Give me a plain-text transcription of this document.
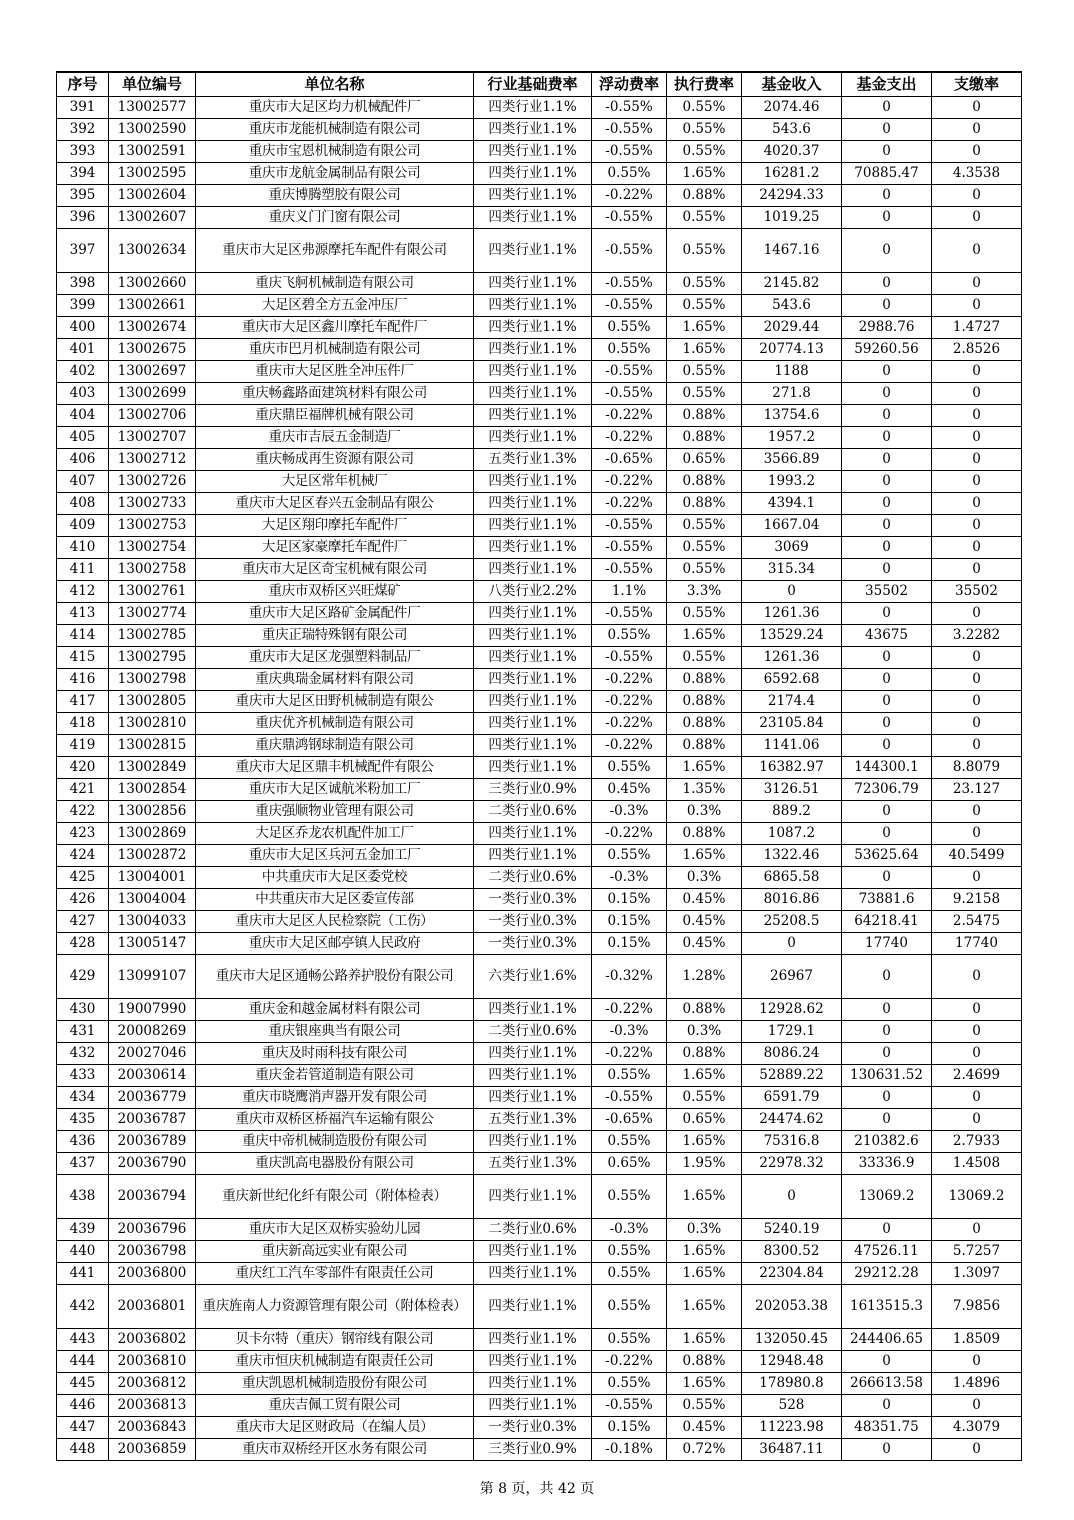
序号	单位编号	单位名称	行业基础费率	浮动费率	执行费率	基金收入	基金支出	支缴率
391	13002577	重庆市大足区均力机械配件厂	四类行业1.1%	-0.55%	0.55%	2074.46	0	0
392	13002590	重庆市龙能机械制造有限公司	四类行业1.1%	-0.55%	0.55%	543.6	0	0
393	13002591	重庆市宝恩机械制造有限公司	四类行业1.1%	-0.55%	0.55%	4020.37	0	0
394	13002595	重庆市龙航金属制品有限公司	四类行业1.1%	0.55%	1.65%	16281.2	70885.47	4.3538
395	13002604	重庆博腾塑胶有限公司	四类行业1.1%	-0.22%	0.88%	24294.33	0	0
396	13002607	重庆义门门窗有限公司	四类行业1.1%	-0.55%	0.55%	1019.25	0	0
397	13002634	重庆市大足区弗源摩托车配件有限公司	四类行业1.1%	-0.55%	0.55%	1467.16	0	0
398	13002660	重庆飞舸机械制造有限公司	四类行业1.1%	-0.55%	0.55%	2145.82	0	0
399	13002661	大足区碧全方五金冲压厂	四类行业1.1%	-0.55%	0.55%	543.6	0	0
400	13002674	重庆市大足区鑫川摩托车配件厂	四类行业1.1%	0.55%	1.65%	2029.44	2988.76	1.4727
401	13002675	重庆市巴月机械制造有限公司	四类行业1.1%	0.55%	1.65%	20774.13	59260.56	2.8526
402	13002697	重庆市大足区胜全冲压件厂	四类行业1.1%	-0.55%	0.55%	1188	0	0
403	13002699	重庆畅鑫路面建筑材料有限公司	四类行业1.1%	-0.55%	0.55%	271.8	0	0
404	13002706	重庆鼎臣福牌机械有限公司	四类行业1.1%	-0.22%	0.88%	13754.6	0	0
405	13002707	重庆市吉辰五金制造厂	四类行业1.1%	-0.22%	0.88%	1957.2	0	0
406	13002712	重庆畅成再生资源有限公司	五类行业1.3%	-0.65%	0.65%	3566.89	0	0
407	13002726	大足区常年机械厂	四类行业1.1%	-0.22%	0.88%	1993.2	0	0
408	13002733	重庆市大足区春兴五金制品有限公	四类行业1.1%	-0.22%	0.88%	4394.1	0	0
409	13002753	大足区翔印摩托车配件厂	四类行业1.1%	-0.55%	0.55%	1667.04	0	0
410	13002754	大足区家豪摩托车配件厂	四类行业1.1%	-0.55%	0.55%	3069	0	0
411	13002758	重庆市大足区奇宝机械有限公司	四类行业1.1%	-0.55%	0.55%	315.34	0	0
412	13002761	重庆市双桥区兴旺煤矿	八类行业2.2%	1.1%	3.3%	0	35502	35502
413	13002774	重庆市大足区路矿金属配件厂	四类行业1.1%	-0.55%	0.55%	1261.36	0	0
414	13002785	重庆正瑞特殊钢有限公司	四类行业1.1%	0.55%	1.65%	13529.24	43675	3.2282
415	13002795	重庆市大足区龙强塑料制品厂	四类行业1.1%	-0.55%	0.55%	1261.36	0	0
416	13002798	重庆典瑞金属材料有限公司	四类行业1.1%	-0.22%	0.88%	6592.68	0	0
417	13002805	重庆市大足区田野机械制造有限公	四类行业1.1%	-0.22%	0.88%	2174.4	0	0
418	13002810	重庆优齐机械制造有限公司	四类行业1.1%	-0.22%	0.88%	23105.84	0	0
419	13002815	重庆鼎鸿钢球制造有限公司	四类行业1.1%	-0.22%	0.88%	1141.06	0	0
420	13002849	重庆市大足区鼎丰机械配件有限公	四类行业1.1%	0.55%	1.65%	16382.97	144300.1	8.8079
421	13002854	重庆市大足区诚航米粉加工厂	三类行业0.9%	0.45%	1.35%	3126.51	72306.79	23.127
422	13002856	重庆强顺物业管理有限公司	二类行业0.6%	-0.3%	0.3%	889.2	0	0
423	13002869	大足区乔龙农机配件加工厂	四类行业1.1%	-0.22%	0.88%	1087.2	0	0
424	13002872	重庆市大足区兵河五金加工厂	四类行业1.1%	0.55%	1.65%	1322.46	53625.64	40.5499
425	13004001	中共重庆市大足区委党校	二类行业0.6%	-0.3%	0.3%	6865.58	0	0
426	13004004	中共重庆市大足区委宣传部	一类行业0.3%	0.15%	0.45%	8016.86	73881.6	9.2158
427	13004033	重庆市大足区人民检察院（工伤）	一类行业0.3%	0.15%	0.45%	25208.5	64218.41	2.5475
428	13005147	重庆市大足区邮亭镇人民政府	一类行业0.3%	0.15%	0.45%	0	17740	17740
429	13099107	重庆市大足区通畅公路养护股份有限公司	六类行业1.6%	-0.32%	1.28%	26967	0	0
430	19007990	重庆金和越金属材料有限公司	四类行业1.1%	-0.22%	0.88%	12928.62	0	0
431	20008269	重庆银座典当有限公司	二类行业0.6%	-0.3%	0.3%	1729.1	0	0
432	20027046	重庆及时雨科技有限公司	四类行业1.1%	-0.22%	0.88%	8086.24	0	0
433	20030614	重庆金若管道制造有限公司	四类行业1.1%	0.55%	1.65%	52889.22	130631.52	2.4699
434	20036779	重庆市晓鹰消声器开发有限公司	四类行业1.1%	-0.55%	0.55%	6591.79	0	0
435	20036787	重庆市双桥区桥福汽车运输有限公	五类行业1.3%	-0.65%	0.65%	24474.62	0	0
436	20036789	重庆中帝机械制造股份有限公司	四类行业1.1%	0.55%	1.65%	75316.8	210382.6	2.7933
437	20036790	重庆凯高电器股份有限公司	五类行业1.3%	0.65%	1.95%	22978.32	33336.9	1.4508
438	20036794	重庆新世纪化纤有限公司（附体检表）	四类行业1.1%	0.55%	1.65%	0	13069.2	13069.2
439	20036796	重庆市大足区双桥实验幼儿园	二类行业0.6%	-0.3%	0.3%	5240.19	0	0
440	20036798	重庆新高远实业有限公司	四类行业1.1%	0.55%	1.65%	8300.52	47526.11	5.7257
441	20036800	重庆红工汽车零部件有限责任公司	四类行业1.1%	0.55%	1.65%	22304.84	29212.28	1.3097
442	20036801	重庆旌南人力资源管理有限公司（附体检表）	四类行业1.1%	0.55%	1.65%	202053.38	1613515.3	7.9856
443	20036802	贝卡尔特（重庆）钢帘线有限公司	四类行业1.1%	0.55%	1.65%	132050.45	244406.65	1.8509
444	20036810	重庆市恒庆机械制造有限责任公司	四类行业1.1%	-0.22%	0.88%	12948.48	0	0
445	20036812	重庆凯恩机械制造股份有限公司	四类行业1.1%	0.55%	1.65%	178980.8	266613.58	1.4896
446	20036813	重庆吉佩工贸有限公司	四类行业1.1%	-0.55%	0.55%	528	0	0
447	20036843	重庆市大足区财政局（在编人员）	一类行业0.3%	0.15%	0.45%	11223.98	48351.75	4.3079
448	20036859	重庆市双桥经开区水务有限公司	三类行业0.9%	-0.18%	0.72%	36487.11	0	0
第 8 页，共 42 页
